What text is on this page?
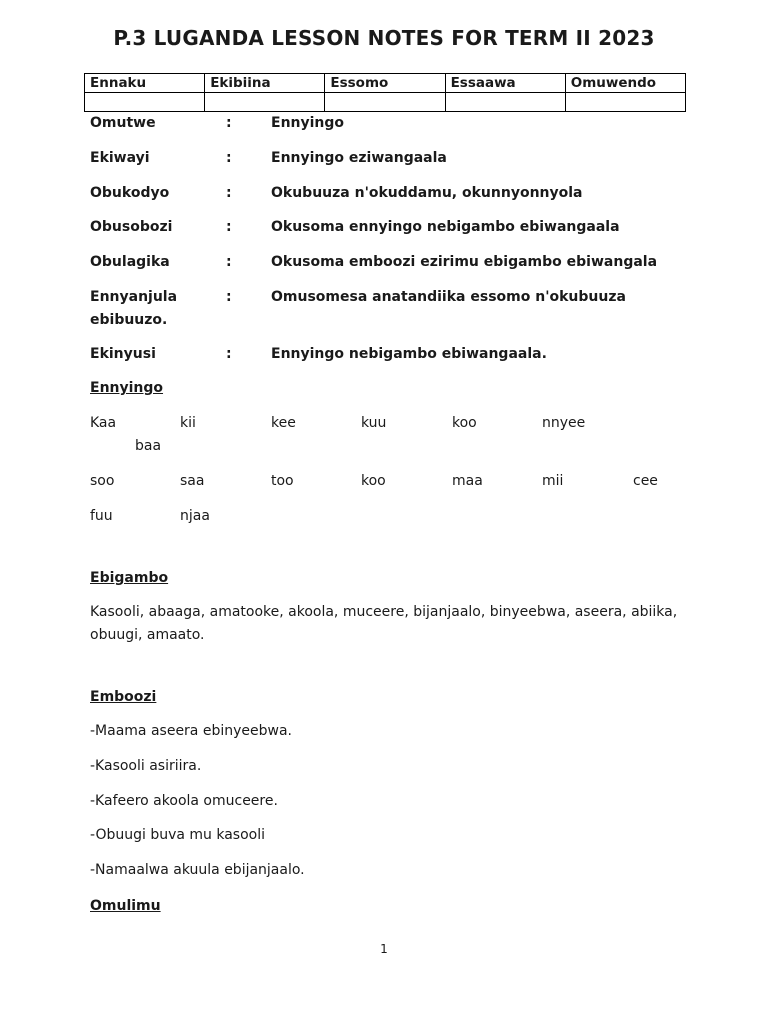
P.3 LUGANDA LESSON NOTES FOR TERM II 2023
Ennaku	Ekibiina	Essomo	Essaawa	Omuwendo

Omutwe	:	Ennyingo
Ekiwayi	:	Ennyingo eziwangaala
Obukodyo	:	Okubuuza n'okuddamu, okunnyonnyola
Obusobozi	:	Okusoma ennyingo nebigambo ebiwangaala
Obulagika	:	Okusoma emboozi ezirimu ebigambo ebiwangala
Ennyanjula	:	Omusomesa anatandiika essomo n'okubuuza
ebibuuzo.
Ekinyusi	:	Ennyingo nebigambo ebiwangaala.
Ennyingo
Kaa	kii	kee	kuu	koo	nnyee
baa
soo	saa	too	koo	maa	mii	cee
fuu	njaa
Ebigambo
Kasooli, abaaga, amatooke, akoola, muceere, bijanjaalo, binyeebwa, aseera, abiika, obuugi, amaato.
Emboozi
-Maama aseera ebinyeebwa.
-Kasooli asiriira.
-Kafeero akoola omuceere.
-Obuugi buva mu kasooli
-Namaalwa akuula ebijanjaalo.
Omulimu
1
